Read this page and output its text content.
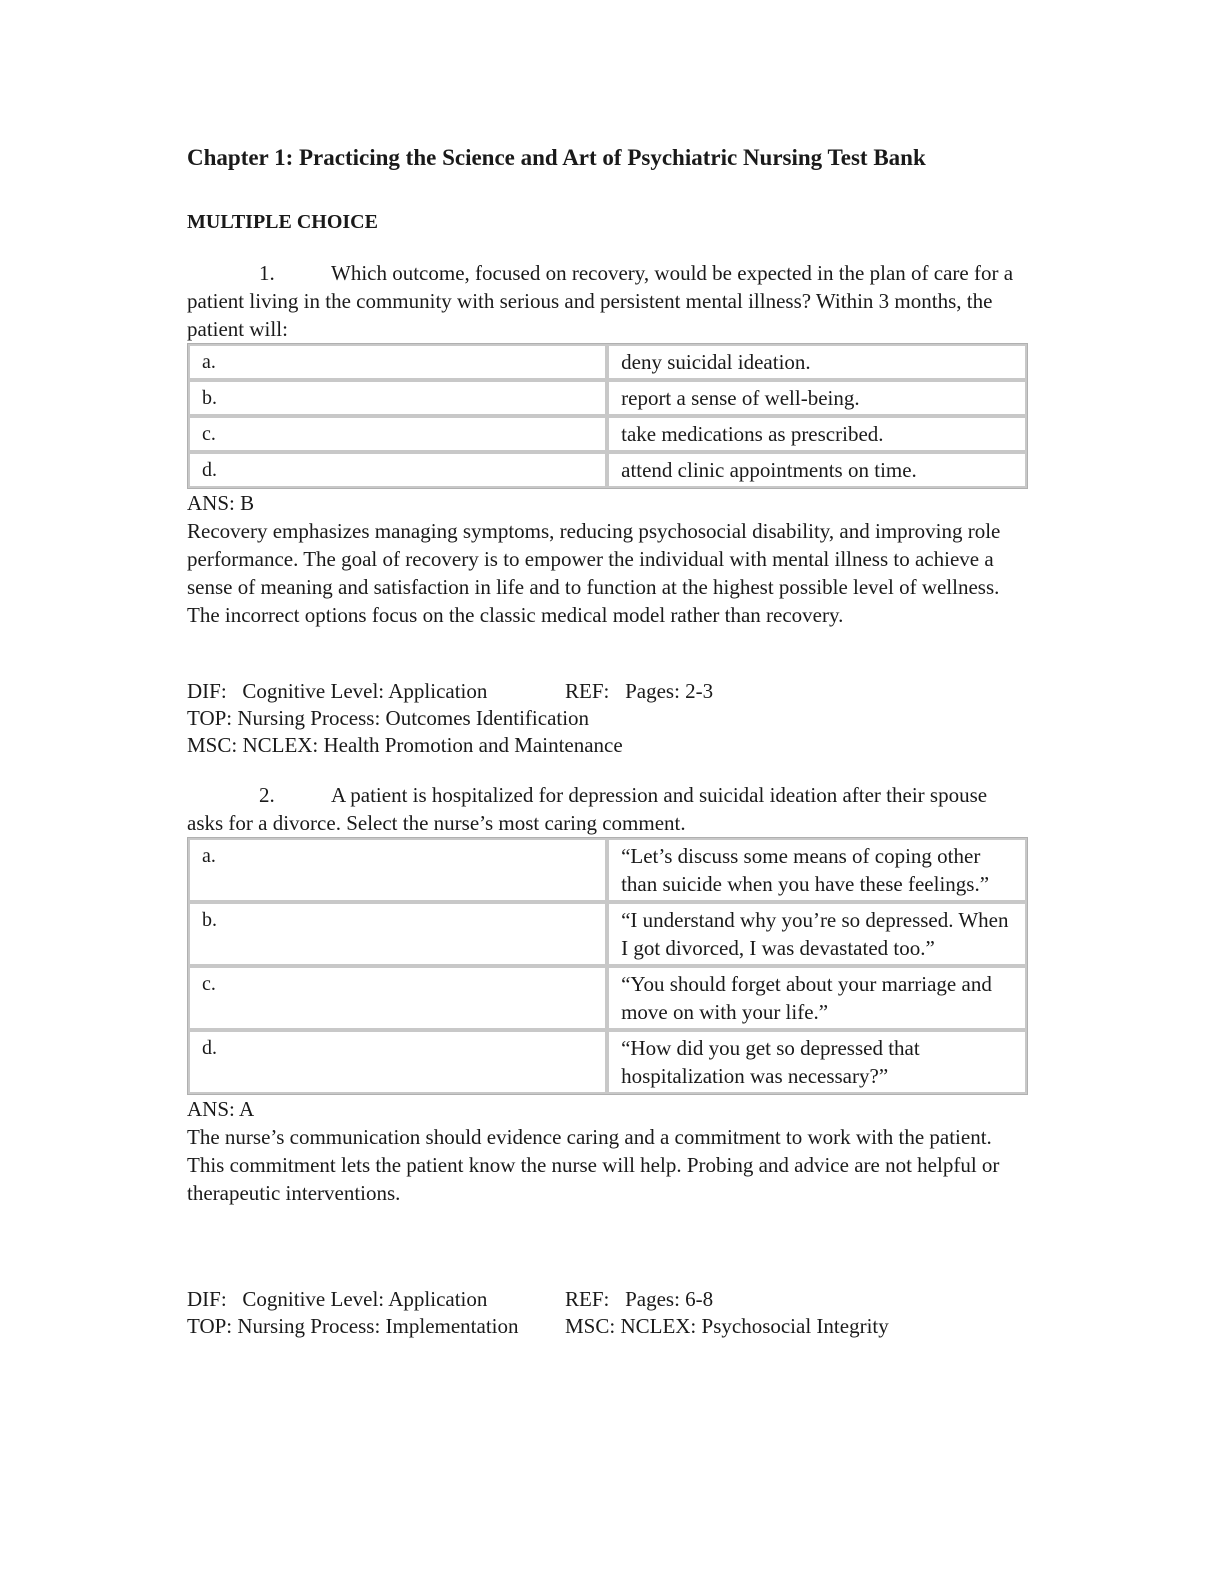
Chapter 1: Practicing the Science and Art of Psychiatric Nursing Test Bank
MULTIPLE CHOICE

1.	Which outcome, focused on recovery, would be expected in the plan of care for a patient living in the community with serious and persistent mental illness? Within 3 months, the patient will:

a.	deny suicidal ideation.
b.	report a sense of well-being.
c.	take medications as prescribed.
d.	attend clinic appointments on time.

ANS: B

Recovery emphasizes managing symptoms, reducing psychosocial disability, and improving role performance. The goal of recovery is to empower the individual with mental illness to achieve a sense of meaning and satisfaction in life and to function at the highest possible level of wellness. The incorrect options focus on the classic medical model rather than recovery.

DIF:   Cognitive Level: Application	REF:   Pages: 2-3
TOP: Nursing Process: Outcomes Identification
MSC: NCLEX: Health Promotion and Maintenance

2.	A patient is hospitalized for depression and suicidal ideation after their spouse asks for a divorce. Select the nurse’s most caring comment.

a.	“Let’s discuss some means of coping other than suicide when you have these feelings.”
b.	“I understand why you’re so depressed. When I got divorced, I was devastated too.”
c.	“You should forget about your marriage and move on with your life.”
d.	“How did you get so depressed that hospitalization was necessary?”

ANS: A

The nurse’s communication should evidence caring and a commitment to work with the patient. This commitment lets the patient know the nurse will help. Probing and advice are not helpful or therapeutic interventions.

DIF:   Cognitive Level: Application	REF:   Pages: 6-8
TOP: Nursing Process: Implementation MSC: NCLEX: Psychosocial Integrity
